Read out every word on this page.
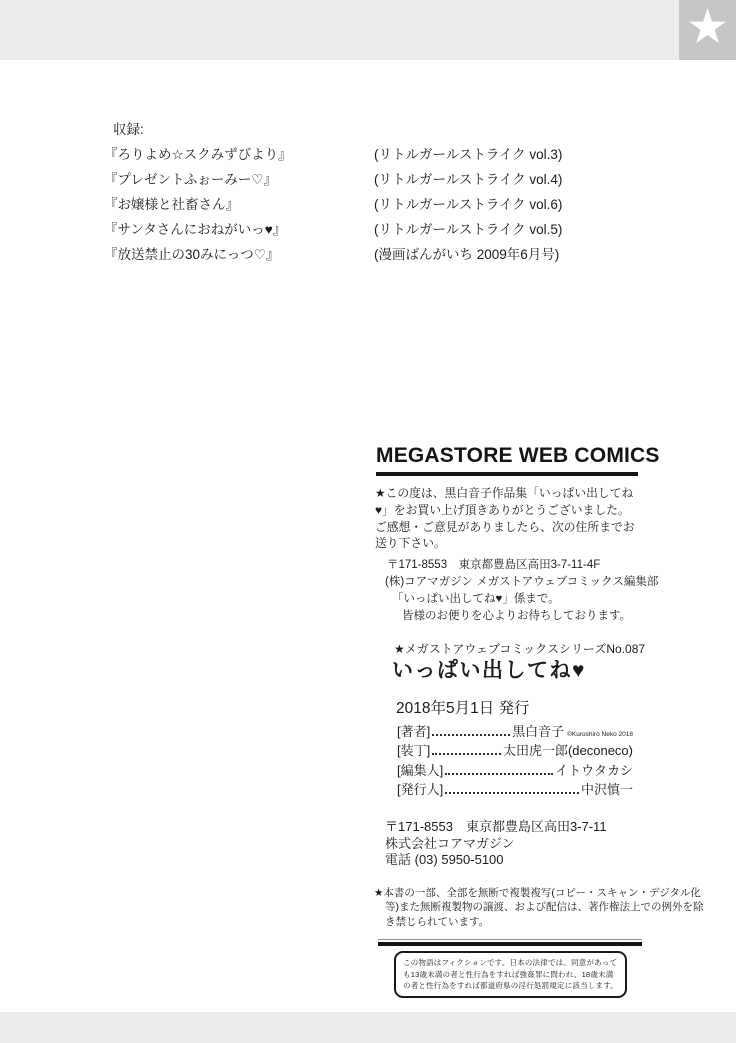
★
収録:
『ろりよめ☆スクみずびより』	(リトルガールストライク vol.3)
『プレゼントふぉーみー♡』	(リトルガールストライク vol.4)
『お嬢様と社畜さん』	(リトルガールストライク vol.6)
『サンタさんにおねがいっ♥』	(リトルガールストライク vol.5)
『放送禁止の30みにっつ♡』	(漫画ばんがいち 2009年6月号)
MEGASTORE WEB COMICS
★この度は、黒白音子作品集「いっぱい出してね♥」をお買い上げ頂きありがとうございました。ご感想・ご意見がありましたら、次の住所までお送り下さい。
〒171-8553　東京都豊島区高田3-7-11-4F
(株)コアマガジン メガストアウェブコミックス編集部
「いっぱい出してね♥」係まで。
皆様のお便りを心よりお待ちしております。
★メガストアウェブコミックスシリーズNo.087
いっぱい出してね♥
2018年5月1日 発行
[著者]	黒白音子 ©Kuroshiro Neko 2018
[装丁]	太田虎一郎(deconeco)
[編集人]	イトウタカシ
[発行人]	中沢慎一
〒171-8553　東京都豊島区高田3-7-11
株式会社コアマガジン
電話 (03) 5950-5100
★本書の一部、全部を無断で複製複写(コピー・スキャン・デジタル化等)また無断複製物の譲渡、および配信は、著作権法上での例外を除き禁じられています。
この物語はフィクションです。日本の法律では、同意があっても13歳未満の者と性行為をすれば強姦罪に問われ、18歳未満の者と性行為をすれば都道府県の淫行処罰規定に該当します。
